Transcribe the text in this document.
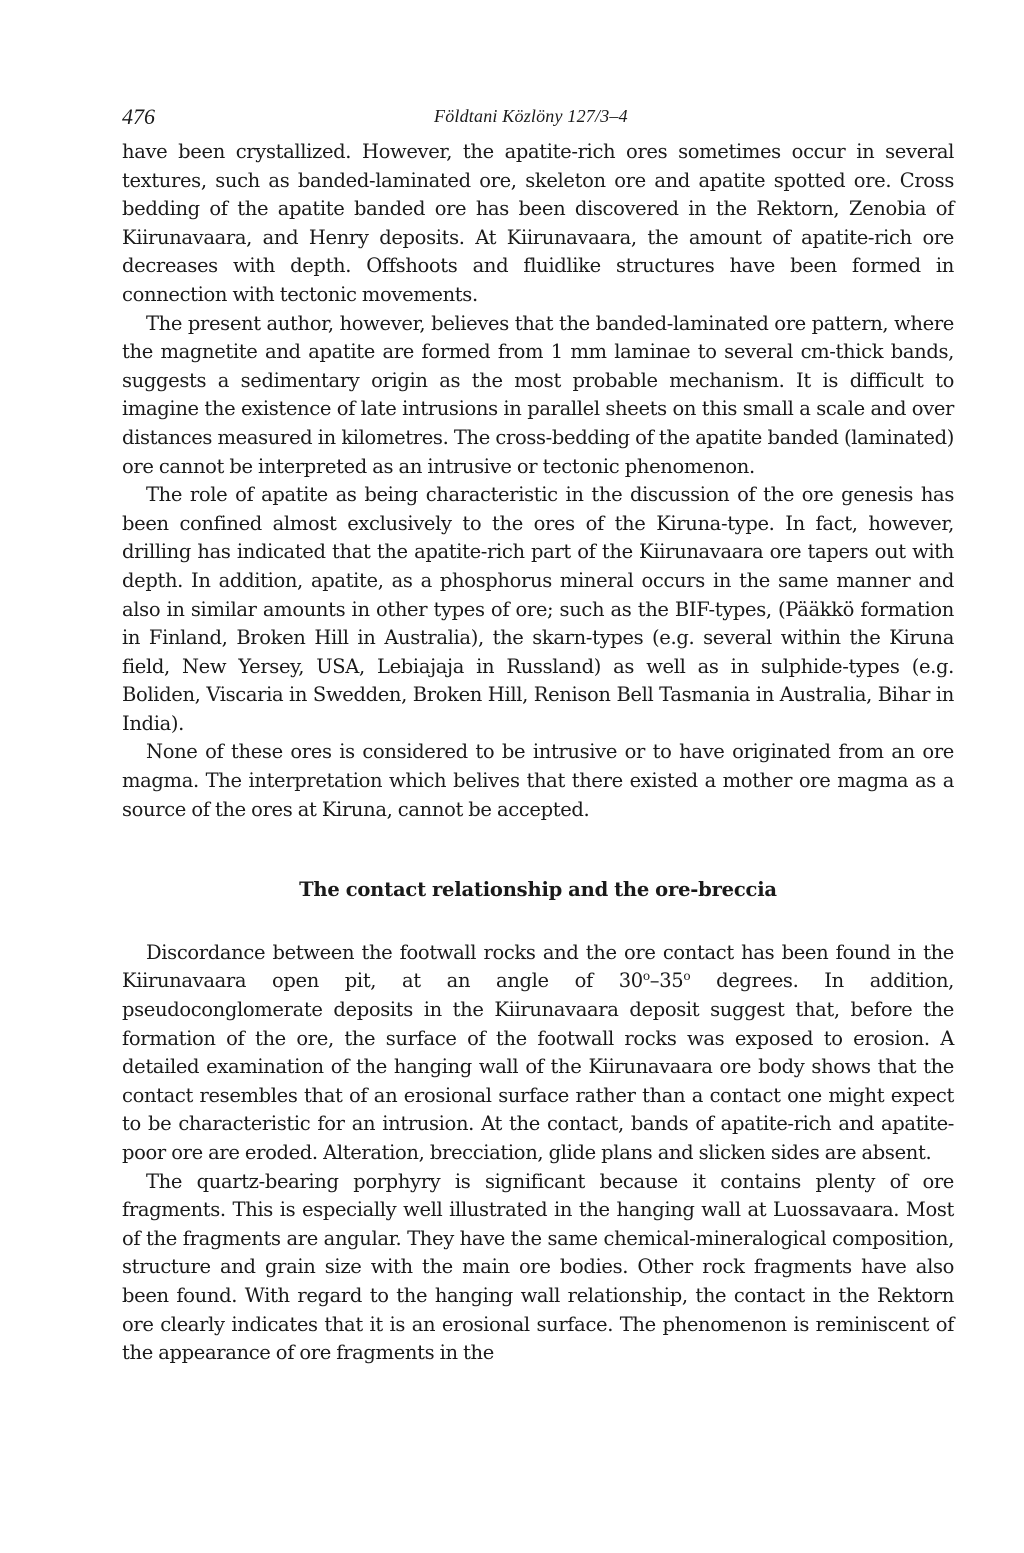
476	Földtani Közlöny 127/3–4

have been crystallized. However, the apatite-rich ores sometimes occur in several textures, such as banded-laminated ore, skeleton ore and apatite spotted ore. Cross bedding of the apatite banded ore has been discovered in the Rektorn, Zenobia of Kiirunavaara, and Henry deposits. At Kiirunavaara, the amount of apatite-rich ore decreases with depth. Offshoots and fluidlike structures have been formed in connection with tectonic movements.

The present author, however, believes that the banded-laminated ore pattern, where the magnetite and apatite are formed from 1 mm laminae to several cm-thick bands, suggests a sedimentary origin as the most probable mechanism. It is difficult to imagine the existence of late intrusions in parallel sheets on this small a scale and over distances measured in kilometres. The cross-bedding of the apatite banded (laminated) ore cannot be interpreted as an intrusive or tectonic phenomenon.

The role of apatite as being characteristic in the discussion of the ore genesis has been confined almost exclusively to the ores of the Kiruna-type. In fact, however, drilling has indicated that the apatite-rich part of the Kiirunavaara ore tapers out with depth. In addition, apatite, as a phosphorus mineral occurs in the same manner and also in similar amounts in other types of ore; such as the BIF-types, (Pääkkö formation in Finland, Broken Hill in Australia), the skarn-types (e.g. several within the Kiruna field, New Yersey, USA, Lebiajaja in Russland) as well as in sulphide-types (e.g. Boliden, Viscaria in Swedden, Broken Hill, Renison Bell Tasmania in Australia, Bihar in India).

None of these ores is considered to be intrusive or to have originated from an ore magma. The interpretation which belives that there existed a mother ore magma as a source of the ores at Kiruna, cannot be accepted.

The contact relationship and the ore-breccia

Discordance between the footwall rocks and the ore contact has been found in the Kiirunavaara open pit, at an angle of 30$^o$–35$^o$ degrees. In addition, pseudoconglomerate deposits in the Kiirunavaara deposit suggest that, before the formation of the ore, the surface of the footwall rocks was exposed to erosion. A detailed examination of the hanging wall of the Kiirunavaara ore body shows that the contact resembles that of an erosional surface rather than a contact one might expect to be characteristic for an intrusion. At the contact, bands of apatite-rich and apatite-poor ore are eroded. Alteration, brecciation, glide plans and slicken sides are absent.

The quartz-bearing porphyry is significant because it contains plenty of ore fragments. This is especially well illustrated in the hanging wall at Luossavaara. Most of the fragments are angular. They have the same chemical-mineralogical composition, structure and grain size with the main ore bodies. Other rock fragments have also been found. With regard to the hanging wall relationship, the contact in the Rektorn ore clearly indicates that it is an erosional surface. The phenomenon is reminiscent of the appearance of ore fragments in the
